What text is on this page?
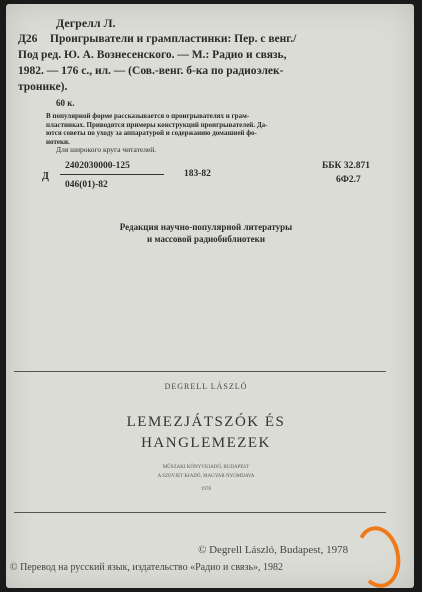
Дегрелл Л.
Д26 Проигрыватели и грампластинки: Пер. с венг./
Под ред. Ю. А. Вознесенского. — М.: Радио и связь,
1982. — 176 с., ил. — (Сов.-венг. б-ка по радиоэлек-
тронике).
60 к.
В популярной форме рассказывается о проигрывателях и грам-
пластинках. Приводятся примеры конструкций проигрывателей. Да-
ются советы по уходу за аппаратурой и содержанию домашней фо-
нотеки.
Для широкого круга читателей.
Д
2402030000-125
046(01)-82
183-82
ББК 32.871
6Ф2.7
Редакция научно-популярной литературы
и массовой радиобиблиотеки
DEGRELL LÁSZLÓ
LEMEZJÁTSZÓK ÉS
HANGLEMEZEK
MŰSZAKI KÖNYVKIADÓ, BUDAPEST
A SZOVJET KIADÓ, MAGYAR NYOMDAVA
1978
© Degrell László, Budapest, 1978
© Перевод на русский язык, издательство «Радио и связь», 1982
